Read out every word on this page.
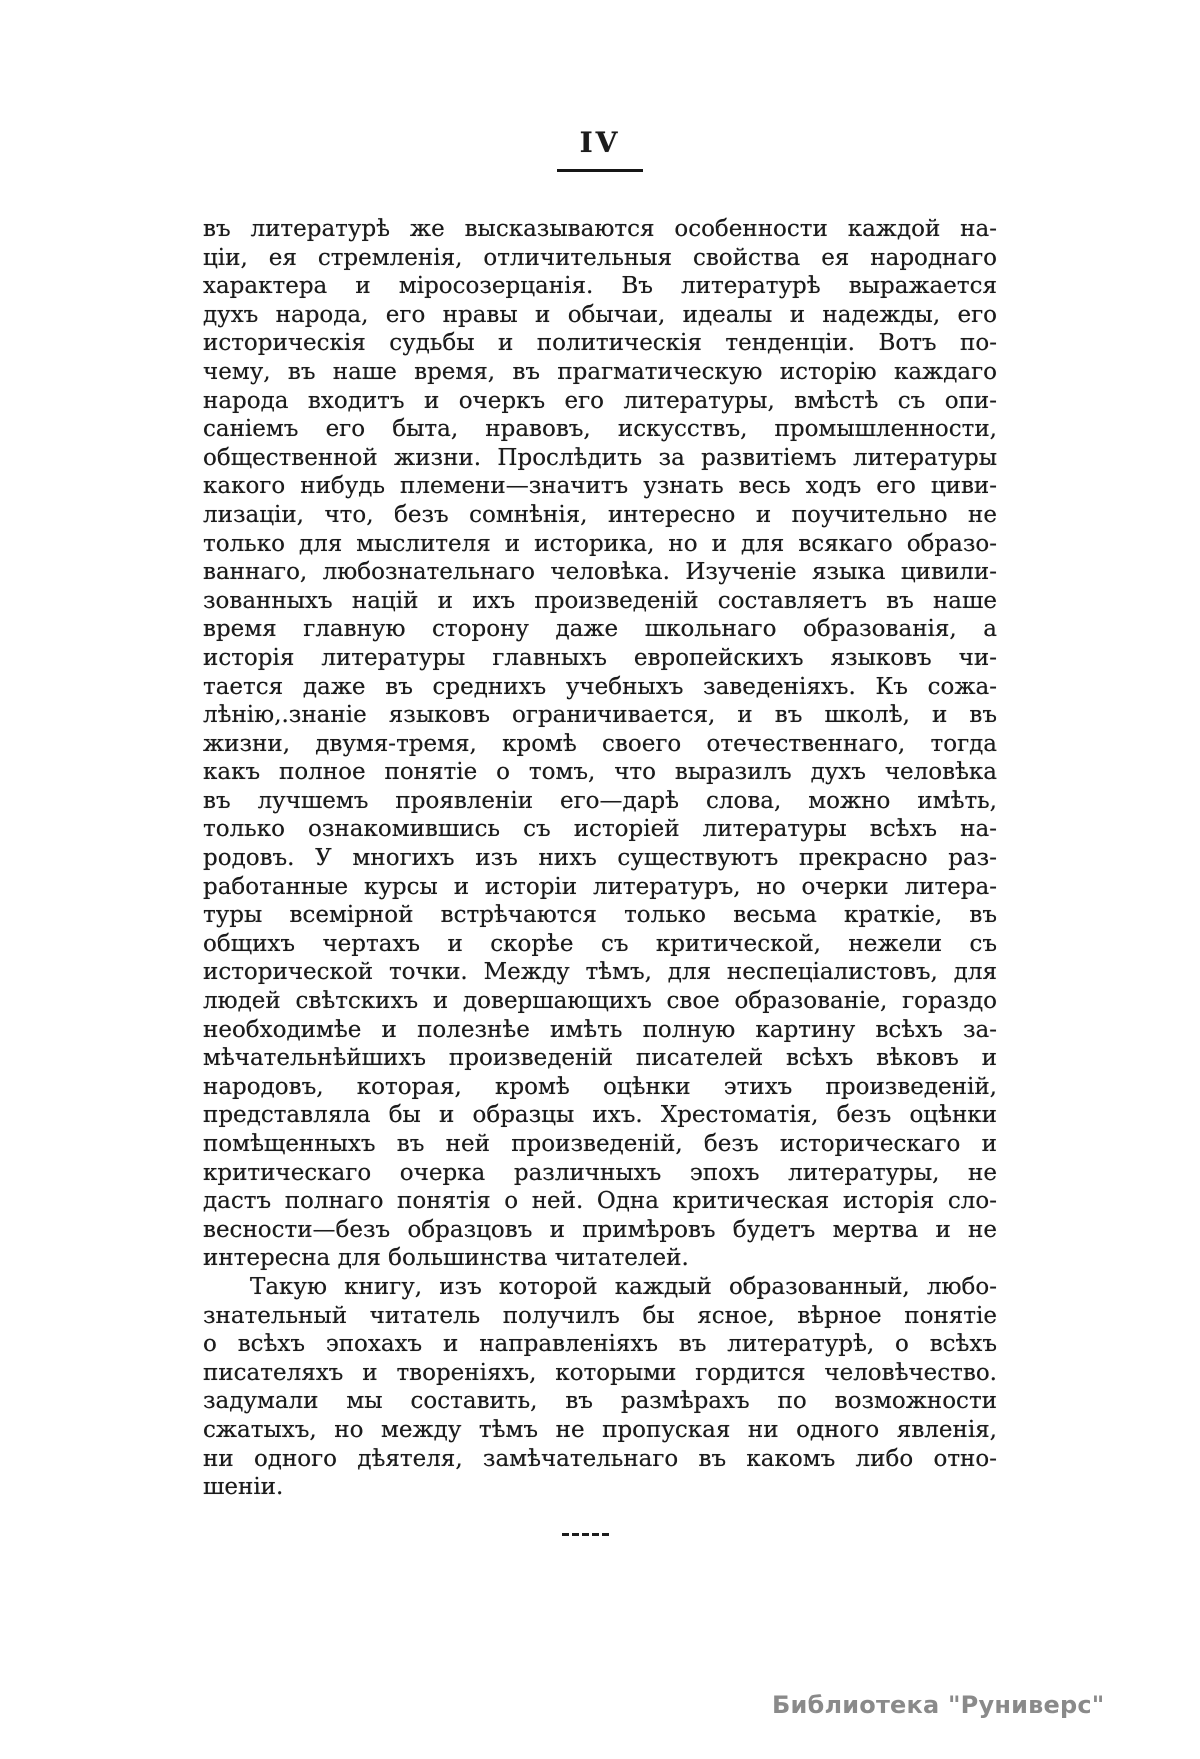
IV
въ литературѣ же высказываются особенности каждой на-
ціи, ея стремленія, отличительныя свойства ея народнаго
характера и міросозерцанія. Въ литературѣ выражается
духъ народа, его нравы и обычаи, идеалы и надежды, его
историческія судьбы и политическія тенденціи. Вотъ по-
чему, въ наше время, въ прагматическую исторію каждаго
народа входитъ и очеркъ его литературы, вмѣстѣ съ опи-
саніемъ его быта, нравовъ, искусствъ, промышленности,
общественной жизни. Прослѣдить за развитіемъ литературы
какого нибудь племени—значитъ узнать весь ходъ его циви-
лизаціи, что, безъ сомнѣнія, интересно и поучительно не
только для мыслителя и историка, но и для всякаго образо-
ваннаго, любознательнаго человѣка. Изученіе языка цивили-
зованныхъ націй и ихъ произведеній составляетъ въ наше
время главную сторону даже школьнаго образованія, а
исторія литературы главныхъ европейскихъ языковъ чи-
тается даже въ среднихъ учебныхъ заведеніяхъ. Къ сожа-
лѣнію,.знаніе языковъ ограничивается, и въ школѣ, и въ
жизни, двумя-тремя, кромѣ своего отечественнаго, тогда
какъ полное понятіе о томъ, что выразилъ духъ человѣка
въ лучшемъ проявленіи его—дарѣ слова, можно имѣть,
только ознакомившись съ исторіей литературы всѣхъ на-
родовъ. У многихъ изъ нихъ существуютъ прекрасно раз-
работанные курсы и исторіи литературъ, но очерки литера-
туры всемірной встрѣчаются только весьма краткіе, въ
общихъ чертахъ и скорѣе съ критической, нежели съ
исторической точки. Между тѣмъ, для неспеціалистовъ, для
людей свѣтскихъ и довершающихъ свое образованіе, гораздо
необходимѣе и полезнѣе имѣть полную картину всѣхъ за-
мѣчательнѣйшихъ произведеній писателей всѣхъ вѣковъ и
народовъ, которая, кромѣ оцѣнки этихъ произведеній,
представляла бы и образцы ихъ. Хрестоматія, безъ оцѣнки
помѣщенныхъ въ ней произведеній, безъ историческаго и
критическаго очерка различныхъ эпохъ литературы, не
дастъ полнаго понятія о ней. Одна критическая исторія сло-
весности—безъ образцовъ и примѣровъ будетъ мертва и не
интересна для большинства читателей.
Такую книгу, изъ которой каждый образованный, любо-
знательный читатель получилъ бы ясное, вѣрное понятіе
о всѣхъ эпохахъ и направленіяхъ въ литературѣ, о всѣхъ
писателяхъ и твореніяхъ, которыми гордится человѣчество.
задумали мы составить, въ размѣрахъ по возможности
сжатыхъ, но между тѣмъ не пропуская ни одного явленія,
ни одного дѣятеля, замѣчательнаго въ какомъ либо отно-
шеніи.
Библиотека "Руниверс"
